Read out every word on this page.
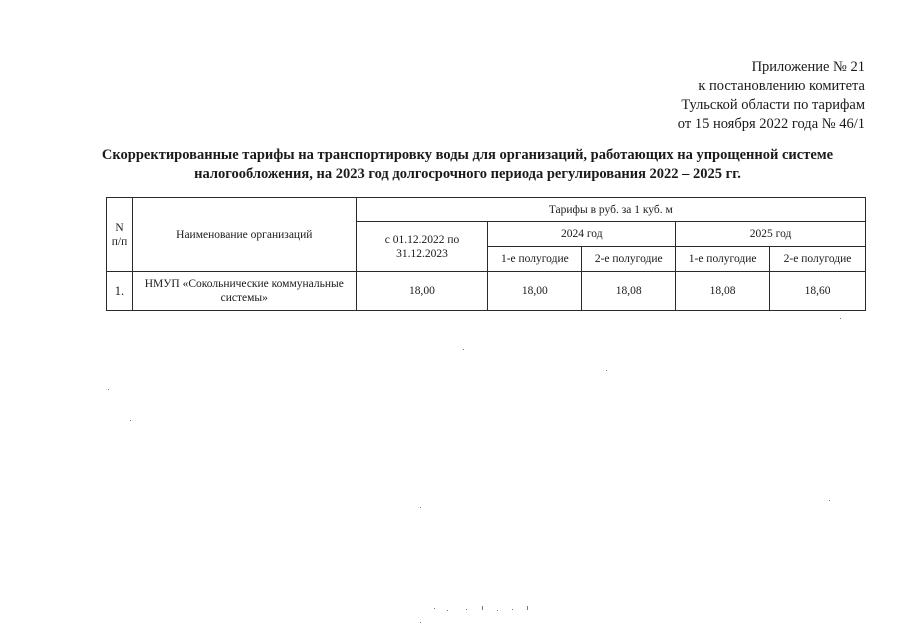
Приложение № 21
к постановлению комитета
Тульской области по тарифам
от 15 ноября 2022 года № 46/1
Скорректированные тарифы на транспортировку воды для организаций, работающих на упрощенной системе
налогообложения, на 2023 год долгосрочного периода регулирования 2022 – 2025 гг.
N п/п	Наименование организаций	Тарифы в руб. за 1 куб. м				
		с 01.12.2022 по 31.12.2023	2024 год		2025 год	
			1-е полугодие	2-е полугодие	1-е полугодие	2-е полугодие
1.	НМУП «Сокольнические коммунальные системы»	18,00	18,00	18,08	18,08	18,60
